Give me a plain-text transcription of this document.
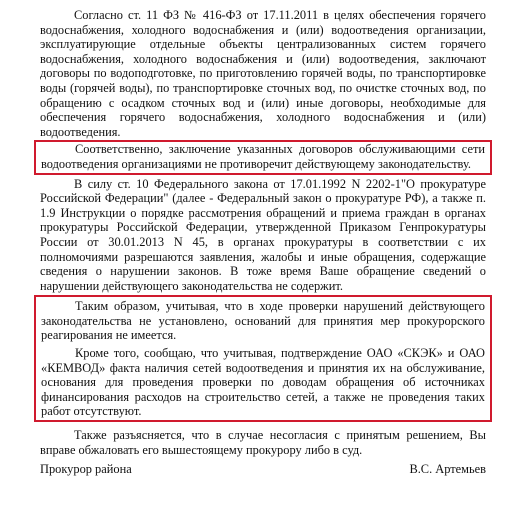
Согласно ст. 11 ФЗ № 416-ФЗ от 17.11.2011 в целях обеспечения горячего водоснабжения, холодного водоснабжения и (или) водоотведения организации, эксплуатирующие отдельные объекты централизованных систем горячего водоснабжения, холодного водоснабжения и (или) водоотведения, заключают договоры по водоподготовке, по приготовлению горячей воды, по транспортировке воды (горячей воды), по транспортировке сточных вод, по очистке сточных вод, по обращению с осадком сточных вод и (или) иные договоры, необходимые для обеспечения горячего водоснабжения, холодного водоснабжения и (или) водоотведения.

Соответственно, заключение указанных договоров обслуживающими сети водоотведения организациями не противоречит действующему законодательству.

В силу ст. 10 Федерального закона от 17.01.1992 N 2202-1"О прокуратуре Российской Федерации" (далее - Федеральный закон о прокуратуре РФ), а также п. 1.9 Инструкции о порядке рассмотрения обращений и приема граждан в органах прокуратуры Российской Федерации, утвержденной Приказом Генпрокуратуры России от 30.01.2013 N 45, в органах прокуратуры в соответствии с их полномочиями разрешаются заявления, жалобы и иные обращения, содержащие сведения о нарушении законов. В тоже время Ваше обращение сведений о нарушении действующего законодательства не содержит.

Таким образом, учитывая, что в ходе проверки нарушений действующего законодательства не установлено, оснований для принятия мер прокурорского реагирования не имеется.

Кроме того, сообщаю, что учитывая, подтверждение ОАО «СКЭК» и ОАО «КЕМВОД» факта наличия сетей водоотведения и принятия их на обслуживание, основания для проведения проверки по доводам обращения об источниках финансирования расходов на строительство сетей, а также не проведения таких работ отсутствуют.

Также разъясняется, что в случае несогласия с принятым решением, Вы вправе обжаловать его вышестоящему прокурору либо в суд.

Прокурор района	В.С. Артемьев
